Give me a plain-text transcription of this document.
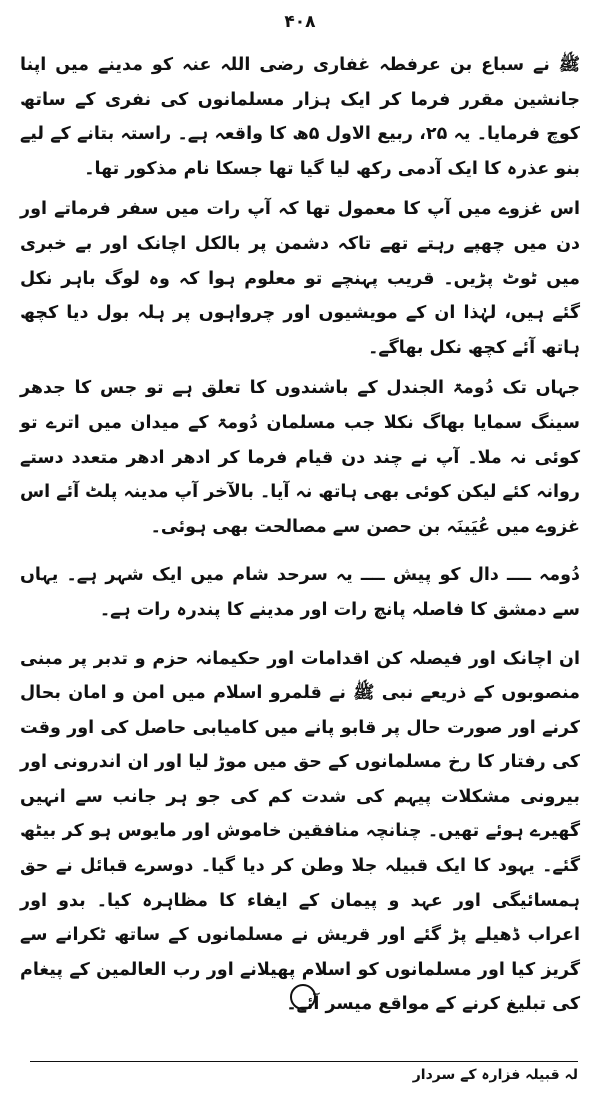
۴۰۸

ﷺ نے سباع بن عرفطہ غفاری رضی اللہ عنہ کو مدینے میں اپنا جانشین مقرر فرما کر ایک ہزار مسلمانوں کی نفری کے ساتھ کوچ فرمایا۔ یہ ۲۵، ربیع الاول ۵ھ کا واقعہ ہے۔ راستہ بتانے کے لیے بنو عذرہ کا ایک آدمی رکھ لیا گیا تھا جسکا نام مذکور تھا۔

اس غزوے میں آپ کا معمول تھا کہ آپ رات میں سفر فرماتے اور دن میں چھپے رہتے تھے تاکہ دشمن پر بالکل اچانک اور بے خبری میں ٹوٹ پڑیں۔ قریب پہنچے تو معلوم ہوا کہ وہ لوگ باہر نکل گئے ہیں، لہٰذا ان کے مویشیوں اور چرواہوں پر ہلہ بول دیا کچھ ہاتھ آئے کچھ نکل بھاگے۔

جہاں تک دُومۃ الجندل کے باشندوں کا تعلق ہے تو جس کا جدھر سینگ سمایا بھاگ نکلا جب مسلمان دُومۃ کے میدان میں اترے تو کوئی نہ ملا۔ آپ نے چند دن قیام فرما کر ادھر ادھر متعدد دستے روانہ کئے لیکن کوئی بھی ہاتھ نہ آیا۔ بالآخر آپ مدینہ پلٹ آئے اس غزوے میں عُیَینَہ بن حصن سے مصالحت بھی ہوئی۔

دُومہ ــــ دال کو پیش ــــ یہ سرحد شام میں ایک شہر ہے۔ یہاں سے دمشق کا فاصلہ پانچ رات اور مدینے کا پندرہ رات ہے۔

ان اچانک اور فیصلہ کن اقدامات اور حکیمانہ حزم و تدبر پر مبنی منصوبوں کے ذریعے نبی ﷺ نے قلمرو اسلام میں امن و امان بحال کرنے اور صورت حال پر قابو پانے میں کامیابی حاصل کی اور وقت کی رفتار کا رخ مسلمانوں کے حق میں موڑ لیا اور ان اندرونی اور بیرونی مشکلات پیہم کی شدت کم کی جو ہر جانب سے انہیں گھیرے ہوئے تھیں۔ چنانچہ منافقین خاموش اور مایوس ہو کر بیٹھ گئے۔ یہود کا ایک قبیلہ جلا وطن کر دیا گیا۔ دوسرے قبائل نے حق ہمسائیگی اور عہد و پیمان کے ایفاء کا مظاہرہ کیا۔ بدو اور اعراب ڈھیلے پڑ گئے اور قریش نے مسلمانوں کے ساتھ ٹکرانے سے گریز کیا اور مسلمانوں کو اسلام پھیلانے اور رب العالمین کے پیغام کی تبلیغ کرنے کے مواقع میسر آئے۔

لہ قبیلہ فزارہ کے سردار
